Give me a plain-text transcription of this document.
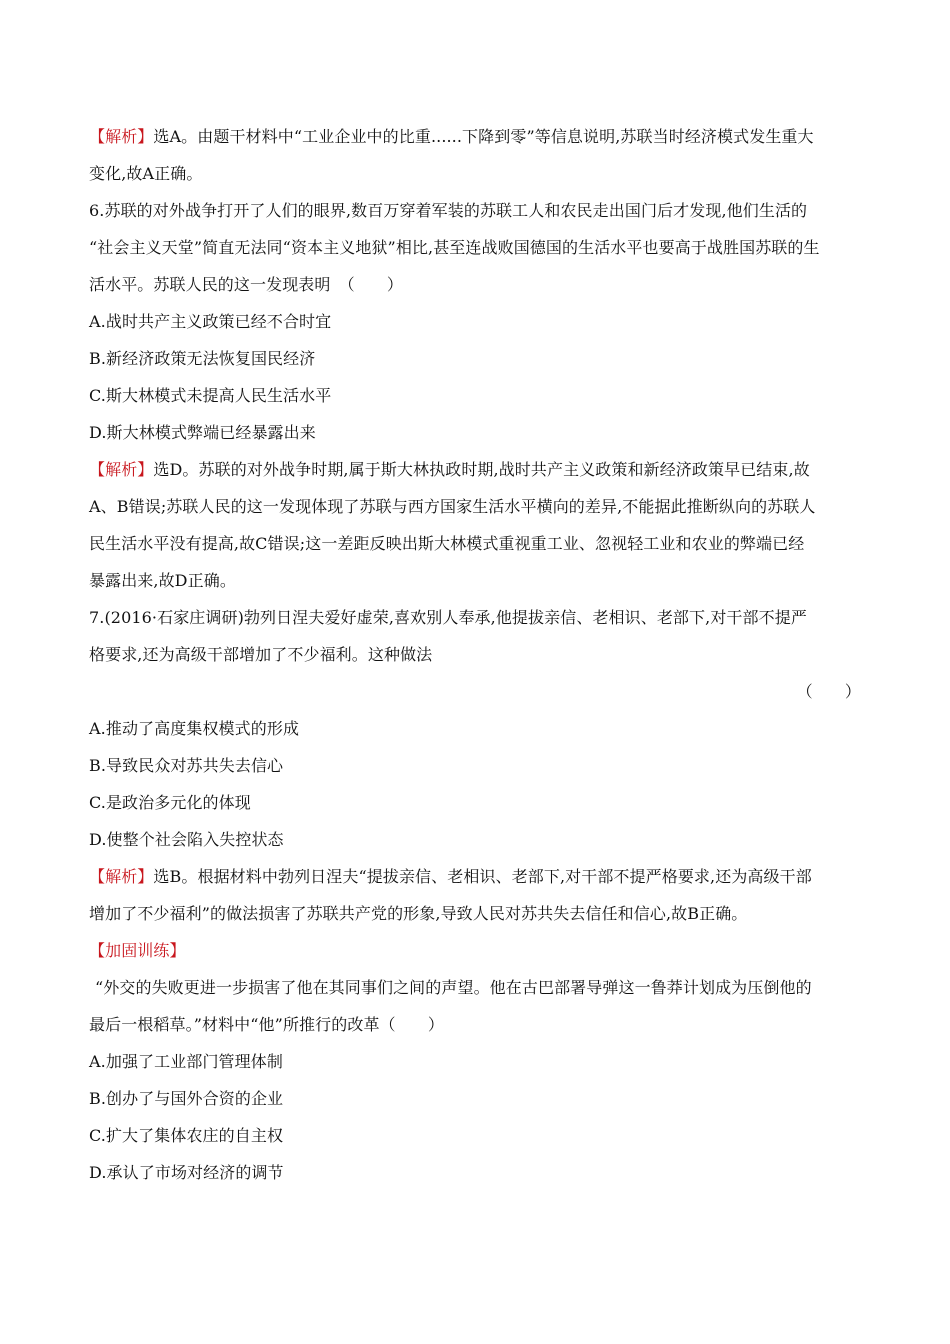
【解析】选A。由题干材料中“工业企业中的比重......下降到零”等信息说明,苏联当时经济模式发生重大
变化,故A正确。
6.苏联的对外战争打开了人们的眼界,数百万穿着军装的苏联工人和农民走出国门后才发现,他们生活的
“社会主义天堂”简直无法同“资本主义地狱”相比,甚至连战败国德国的生活水平也要高于战胜国苏联的生
活水平。苏联人民的这一发现表明　（　　）
A.战时共产主义政策已经不合时宜
B.新经济政策无法恢复国民经济
C.斯大林模式未提高人民生活水平
D.斯大林模式弊端已经暴露出来
【解析】选D。苏联的对外战争时期,属于斯大林执政时期,战时共产主义政策和新经济政策早已结束,故
A、B错误;苏联人民的这一发现体现了苏联与西方国家生活水平横向的差异,不能据此推断纵向的苏联人
民生活水平没有提高,故C错误;这一差距反映出斯大林模式重视重工业、忽视轻工业和农业的弊端已经
暴露出来,故D正确。
7.(2016·石家庄调研)勃列日涅夫爱好虚荣,喜欢别人奉承,他提拔亲信、老相识、老部下,对干部不提严
格要求,还为高级干部增加了不少福利。这种做法
（　　）
A.推动了高度集权模式的形成
B.导致民众对苏共失去信心
C.是政治多元化的体现
D.使整个社会陷入失控状态
【解析】选B。根据材料中勃列日涅夫“提拔亲信、老相识、老部下,对干部不提严格要求,还为高级干部
增加了不少福利”的做法损害了苏联共产党的形象,导致人民对苏共失去信任和信心,故B正确。
【加固训练】
“外交的失败更进一步损害了他在其同事们之间的声望。他在古巴部署导弹这一鲁莽计划成为压倒他的
最后一根稻草。”材料中“他”所推行的改革（　　）
A.加强了工业部门管理体制
B.创办了与国外合资的企业
C.扩大了集体农庄的自主权
D.承认了市场对经济的调节
